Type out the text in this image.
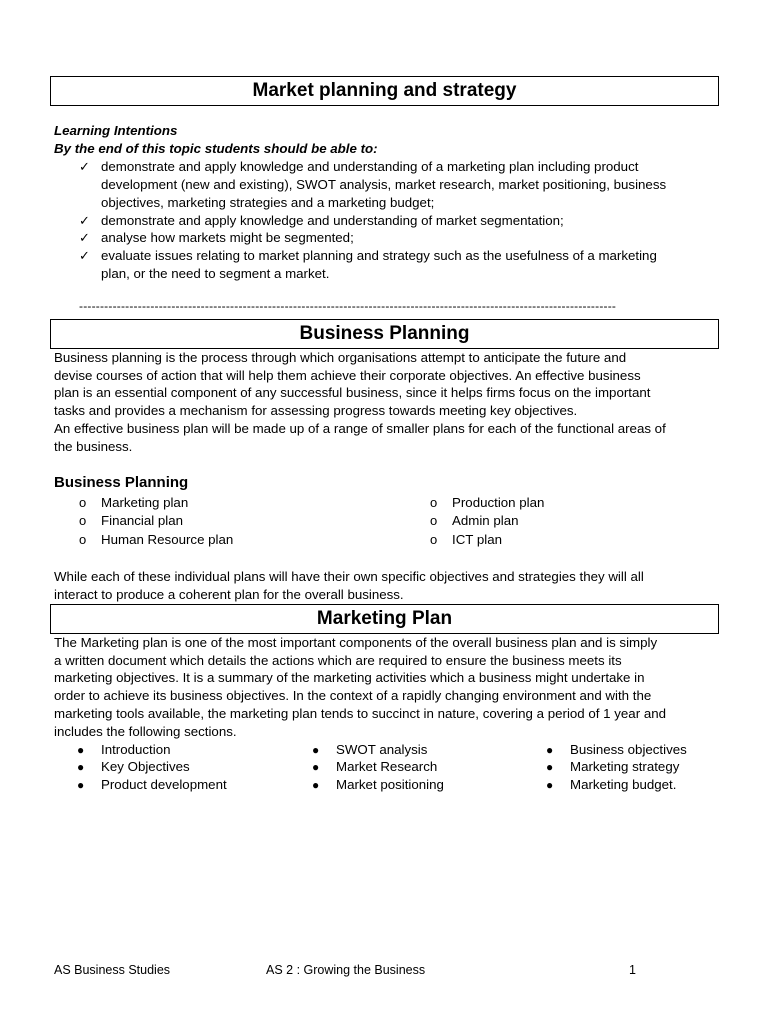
Market planning and strategy
Learning Intentions
By the end of this topic students should be able to:
✓ demonstrate and apply knowledge and understanding of a marketing plan including product
development (new and existing), SWOT analysis, market research, market positioning, business
objectives, marketing strategies and a marketing budget;
✓ demonstrate and apply knowledge and understanding of market segmentation;
✓ analyse how markets might be segmented;
✓ evaluate issues relating to market planning and strategy such as the usefulness of a marketing
plan, or the need to segment a market.
--------------------------------------------------------------------------------------------------------------------------------
Business Planning
Business planning is the process through which organisations attempt to anticipate the future and
devise courses of action that will help them achieve their corporate objectives. An effective business
plan is an essential component of any successful business, since it helps firms focus on the important
tasks and provides a mechanism for assessing progress towards meeting key objectives.
An effective business plan will be made up of a range of smaller plans for each of the functional areas of
the business.
Business Planning
o Marketing plan
o Financial plan
o Human Resource plan
o Production plan
o Admin plan
o ICT plan
While each of these individual plans will have their own specific objectives and strategies they will all
interact to produce a coherent plan for the overall business.
Marketing Plan
The Marketing plan is one of the most important components of the overall business plan and is simply
a written document which details the actions which are required to ensure the business meets its
marketing objectives. It is a summary of the marketing activities which a business might undertake in
order to achieve its business objectives. In the context of a rapidly changing environment and with the
marketing tools available, the marketing plan tends to succinct in nature, covering a period of 1 year and
includes the following sections.
● Introduction
● Key Objectives
● Product development
● SWOT analysis
● Market Research
● Market positioning
● Business objectives
● Marketing strategy
● Marketing budget.
AS Business Studies	AS 2 : Growing the Business	1
